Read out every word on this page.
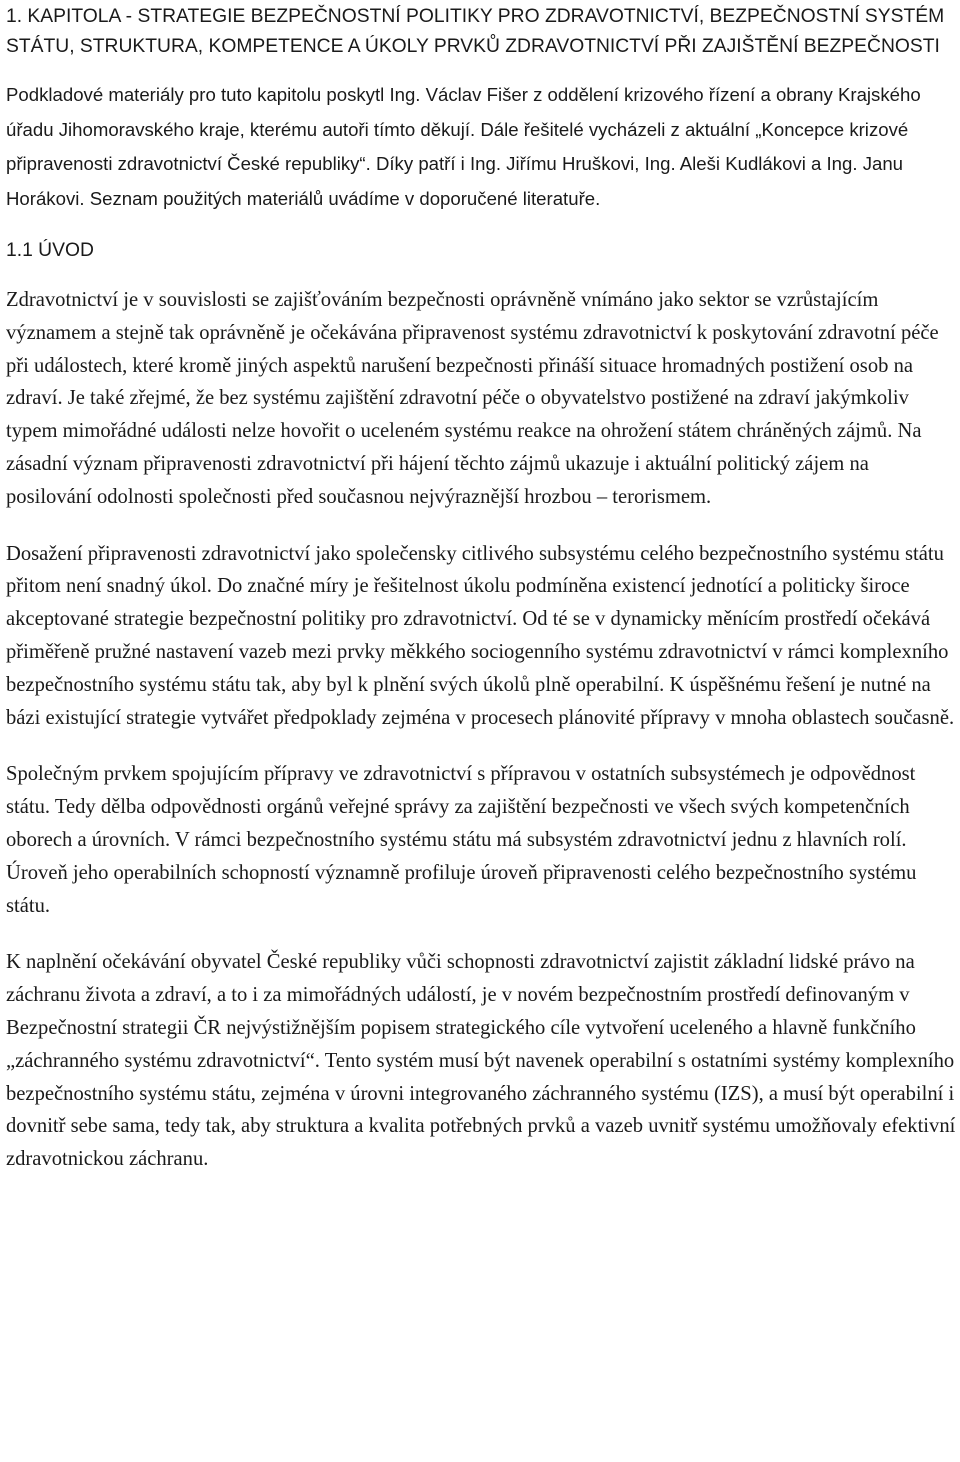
1. KAPITOLA - STRATEGIE BEZPEČNOSTNÍ POLITIKY PRO ZDRAVOTNICTVÍ, BEZPEČNOSTNÍ SYSTÉM STÁTU, STRUKTURA, KOMPETENCE A ÚKOLY PRVKŮ ZDRAVOTNICTVÍ PŘI ZAJIŠTĚNÍ BEZPEČNOSTI

Podkladové materiály pro tuto kapitolu poskytl Ing. Václav Fišer z oddělení krizového řízení a obrany Krajského úřadu Jihomoravského kraje, kterému autoři tímto děkují. Dále řešitelé vycházeli z aktuální „Koncepce krizové připravenosti zdravotnictví České republiky“. Díky patří i Ing. Jiřímu Hruškovi, Ing. Aleši Kudlákovi a Ing. Janu Horákovi. Seznam použitých materiálů uvádíme v doporučené literatuře.

1.1 ÚVOD

Zdravotnictví je v souvislosti se zajišťováním bezpečnosti oprávněně vnímáno jako sektor se vzrůstajícím významem a stejně tak oprávněně je očekávána připravenost systému zdravotnictví k poskytování zdravotní péče při událostech, které kromě jiných aspektů narušení bezpečnosti přináší situace hromadných postižení osob na zdraví. Je také zřejmé, že bez systému zajištění zdravotní péče o obyvatelstvo postižené na zdraví jakýmkoliv typem mimořádné události nelze hovořit o uceleném systému reakce na ohrožení státem chráněných zájmů. Na zásadní význam připravenosti zdravotnictví při hájení těchto zájmů ukazuje i aktuální politický zájem na posilování odolnosti společnosti před současnou nejvýraznější hrozbou – terorismem.

Dosažení připravenosti zdravotnictví jako společensky citlivého subsystému celého bezpečnostního systému státu přitom není snadný úkol. Do značné míry je řešitelnost úkolu podmíněna existencí jednotící a politicky široce akceptované strategie bezpečnostní politiky pro zdravotnictví. Od té se v dynamicky měnícím prostředí očekává přiměřeně pružné nastavení vazeb mezi prvky měkkého sociogenního systému zdravotnictví v rámci komplexního bezpečnostního systému státu tak, aby byl k plnění svých úkolů plně operabilní. K úspěšnému řešení je nutné na bázi existující strategie vytvářet předpoklady zejména v procesech plánovité přípravy v mnoha oblastech současně.

Společným prvkem spojujícím přípravy ve zdravotnictví s přípravou v ostatních subsystémech je odpovědnost státu. Tedy dělba odpovědnosti orgánů veřejné správy za zajištění bezpečnosti ve všech svých kompetenčních oborech a úrovních. V rámci bezpečnostního systému státu má subsystém zdravotnictví jednu z hlavních rolí. Úroveň jeho operabilních schopností významně profiluje úroveň připravenosti celého bezpečnostního systému státu.

K naplnění očekávání obyvatel České republiky vůči schopnosti zdravotnictví zajistit základní lidské právo na záchranu života a zdraví, a to i za mimořádných událostí, je v novém bezpečnostním prostředí definovaným v Bezpečnostní strategii ČR nejvýstižnějším popisem strategického cíle vytvoření uceleného a hlavně funkčního „záchranného systému zdravotnictví“. Tento systém musí být navenek operabilní s ostatními systémy komplexního bezpečnostního systému státu, zejména v úrovni integrovaného záchranného systému (IZS), a musí být operabilní i dovnitř sebe sama, tedy tak, aby struktura a kvalita potřebných prvků a vazeb uvnitř systému umožňovaly efektivní zdravotnickou záchranu.
